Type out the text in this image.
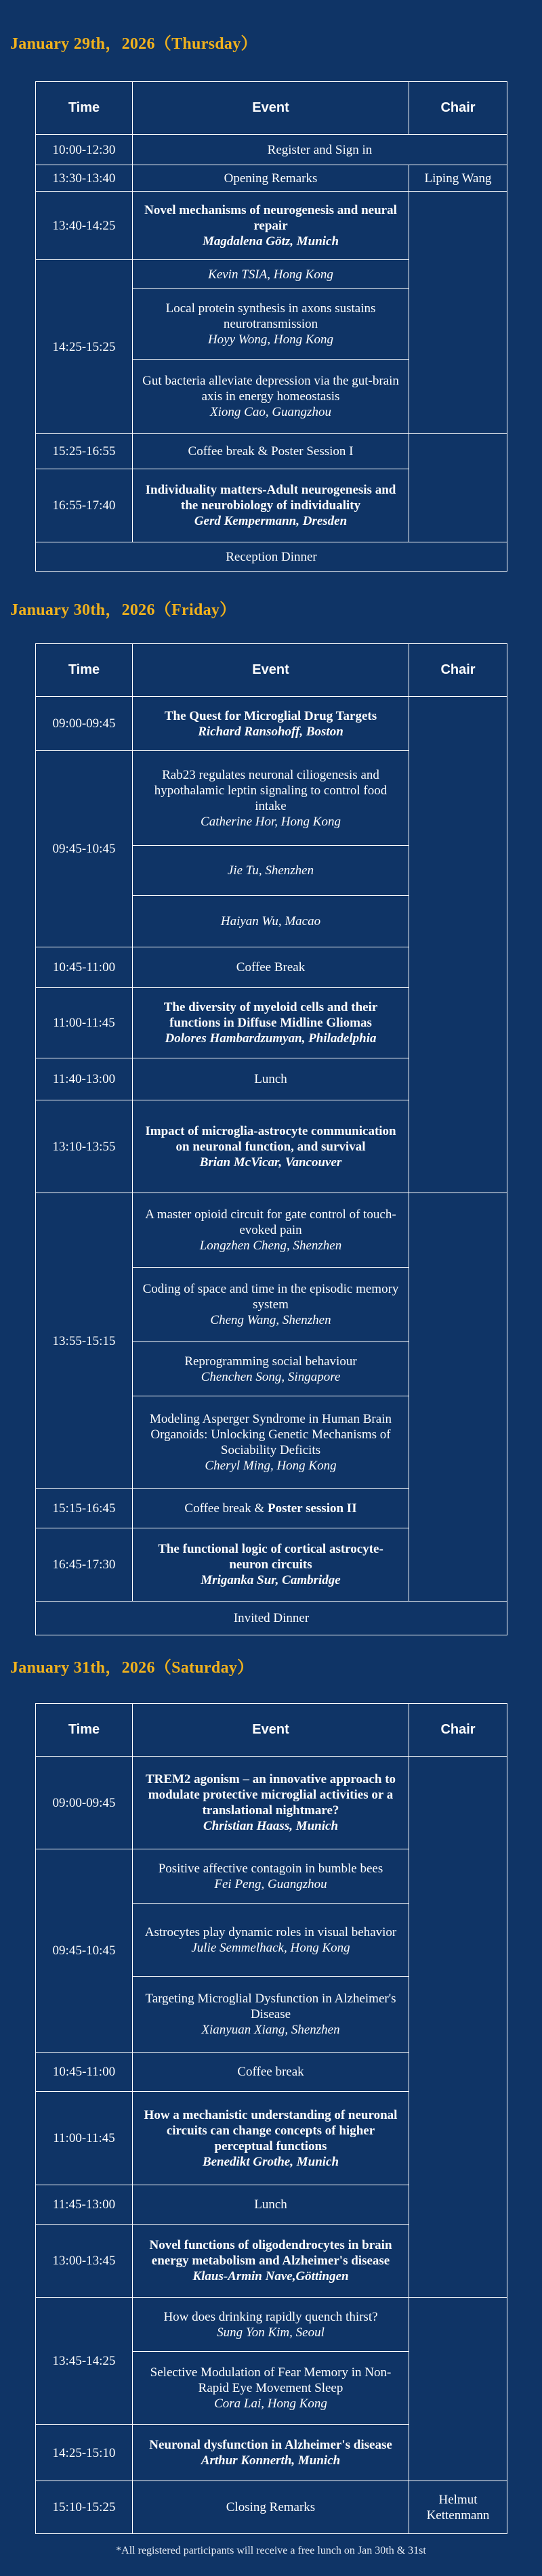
January 29th，2026（Thursday）
Time	Event	Chair
10:00-12:30	Register and Sign in	
13:30-13:40	Opening Remarks	Liping Wang
13:40-14:25	Novel mechanisms of neurogenesis and neural repair
Magdalena Götz, Munich	

14:25-15:25	Kevin TSIA, Hong Kong	

	Local protein synthesis in axons sustains neurotransmission
Hoyy Wong, Hong Kong	

	Gut bacteria alleviate depression via the gut-brain axis in energy homeostasis
Xiong Cao, Guangzhou	

15:25-16:55	Coffee break & Poster Session I	
16:55-17:40	Individuality matters-Adult neurogenesis and the neurobiology of individuality
Gerd Kempermann, Dresden	

Reception Dinner		
January 30th，2026（Friday）
Time	Event	Chair
09:00-09:45	The Quest for Microglial Drug Targets
Richard Ransohoff, Boston	

09:45-10:45	Rab23 regulates neuronal ciliogenesis and hypothalamic leptin signaling to control food intake
Catherine Hor, Hong Kong	

	Jie Tu, Shenzhen	

	Haiyan Wu, Macao	

10:45-11:00	Coffee Break	
11:00-11:45	The diversity of myeloid cells and their functions in Diffuse Midline Gliomas
Dolores Hambardzumyan, Philadelphia	

11:40-13:00	Lunch	
13:10-13:55	Impact of microglia-astrocyte communication on neuronal function, and survival
Brian McVicar, Vancouver	

13:55-15:15	A master opioid circuit for gate control of touch-evoked pain
Longzhen Cheng, Shenzhen	

	Coding of space and time in the episodic memory system
Cheng Wang, Shenzhen	

	Reprogramming social behaviour
Chenchen Song, Singapore	

	Modeling Asperger Syndrome in Human Brain Organoids: Unlocking Genetic Mechanisms of Sociability Deficits
Cheryl Ming, Hong Kong	

15:15-16:45	Coffee break & Poster session II	
16:45-17:30	The functional logic of cortical astrocyte-neuron circuits
Mriganka Sur, Cambridge	

Invited Dinner		
January 31th，2026（Saturday）
Time	Event	Chair
09:00-09:45	TREM2 agonism – an innovative approach to modulate protective microglial activities or a translational nightmare?
Christian Haass, Munich	

09:45-10:45	Positive affective contagoin in bumble bees
Fei Peng, Guangzhou	

	Astrocytes play dynamic roles in visual behavior
Julie Semmelhack, Hong Kong	

	Targeting Microglial Dysfunction in Alzheimer's Disease
Xianyuan Xiang, Shenzhen	

10:45-11:00	Coffee break	
11:00-11:45	How a mechanistic understanding of neuronal circuits can change concepts of higher perceptual functions
Benedikt Grothe, Munich	

11:45-13:00	Lunch	
13:00-13:45	Novel functions of oligodendrocytes in brain energy metabolism and Alzheimer's disease
Klaus-Armin Nave,Göttingen	

13:45-14:25	How does drinking rapidly quench thirst?
Sung Yon Kim, Seoul	

	Selective Modulation of Fear Memory in Non-Rapid Eye Movement Sleep
Cora Lai, Hong Kong	

14:25-15:10	Neuronal dysfunction in Alzheimer's disease
Arthur Konnerth, Munich	

15:10-15:25	Closing Remarks	Helmut Kettenmann
*All registered participants will receive a free lunch on Jan 30th & 31st
